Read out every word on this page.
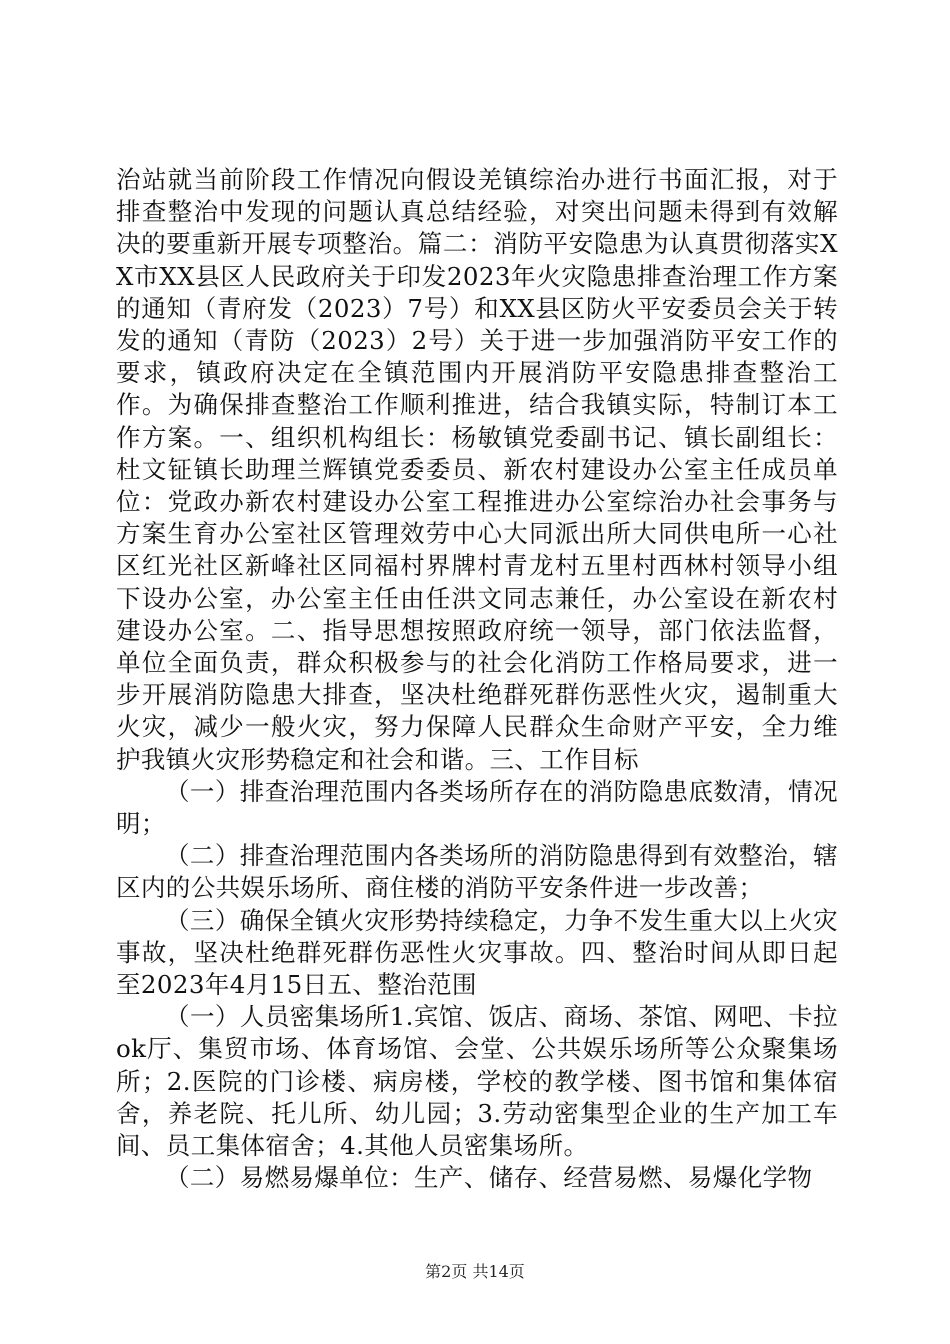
治站就当前阶段工作情况向假设羌镇综治办进行书面汇报，对于排查整治中发现的问题认真总结经验，对突出问题未得到有效解决的要重新开展专项整治。篇二：消防平安隐患为认真贯彻落实XX市XX县区人民政府关于印发2023年火灾隐患排查治理工作方案的通知（青府发（2023）7号）和XX县区防火平安委员会关于转发的通知（青防（2023）2号）关于进一步加强消防平安工作的要求，镇政府决定在全镇范围内开展消防平安隐患排查整治工作。为确保排查整治工作顺利推进，结合我镇实际，特制订本工作方案。一、组织机构组长：杨敏镇党委副书记、镇长副组长：杜文钲镇长助理兰辉镇党委委员、新农村建设办公室主任成员单位：党政办新农村建设办公室工程推进办公室综治办社会事务与方案生育办公室社区管理效劳中心大同派出所大同供电所一心社区红光社区新峰社区同福村界牌村青龙村五里村西林村领导小组下设办公室，办公室主任由任洪文同志兼任，办公室设在新农村建设办公室。二、指导思想按照政府统一领导，部门依法监督，单位全面负责，群众积极参与的社会化消防工作格局要求，进一步开展消防隐患大排查，坚决杜绝群死群伤恶性火灾，遏制重大火灾，减少一般火灾，努力保障人民群众生命财产平安，全力维护我镇火灾形势稳定和社会和谐。三、工作目标

（一）排查治理范围内各类场所存在的消防隐患底数清，情况明；

（二）排查治理范围内各类场所的消防隐患得到有效整治，辖区内的公共娱乐场所、商住楼的消防平安条件进一步改善；

（三）确保全镇火灾形势持续稳定，力争不发生重大以上火灾事故，坚决杜绝群死群伤恶性火灾事故。四、整治时间从即日起至2023年4月15日五、整治范围

（一）人员密集场所1.宾馆、饭店、商场、茶馆、网吧、卡拉ok厅、集贸市场、体育场馆、会堂、公共娱乐场所等公众聚集场所；2.医院的门诊楼、病房楼，学校的教学楼、图书馆和集体宿舍，养老院、托儿所、幼儿园；3.劳动密集型企业的生产加工车间、员工集体宿舍；4.其他人员密集场所。

（二）易燃易爆单位：生产、储存、经营易燃、易爆化学物

第2页 共14页
